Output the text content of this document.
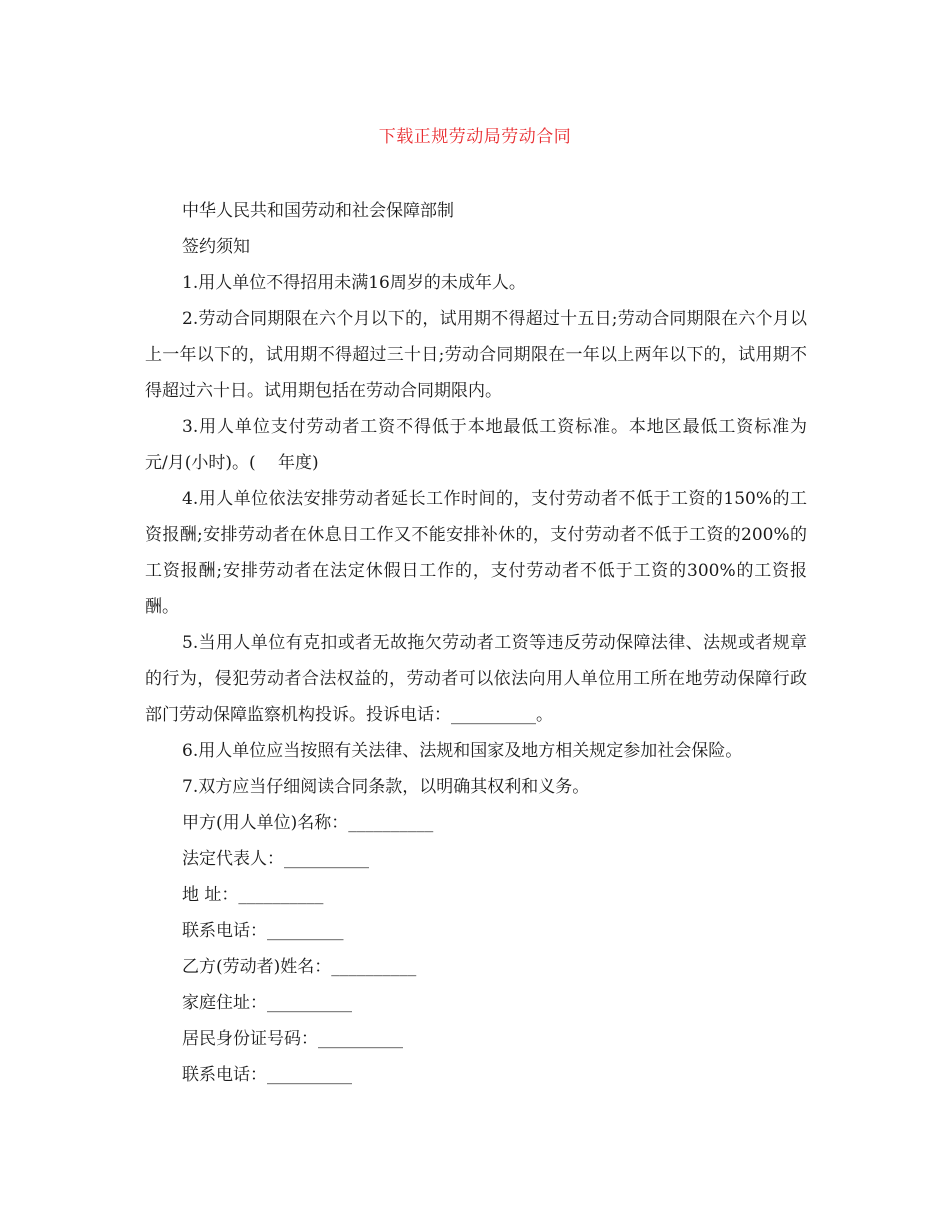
下载正规劳动局劳动合同

中华人民共和国劳动和社会保障部制

签约须知

1.用人单位不得招用未满16周岁的未成年人。

2.劳动合同期限在六个月以下的，试用期不得超过十五日;劳动合同期限在六个月以上一年以下的，试用期不得超过三十日;劳动合同期限在一年以上两年以下的，试用期不得超过六十日。试用期包括在劳动合同期限内。

3.用人单位支付劳动者工资不得低于本地最低工资标准。本地区最低工资标准为　　元/月(小时)。(　 年度)

4.用人单位依法安排劳动者延长工作时间的，支付劳动者不低于工资的150%的工资报酬;安排劳动者在休息日工作又不能安排补休的，支付劳动者不低于工资的200%的工资报酬;安排劳动者在法定休假日工作的，支付劳动者不低于工资的300%的工资报酬。

5.当用人单位有克扣或者无故拖欠劳动者工资等违反劳动保障法律、法规或者规章的行为，侵犯劳动者合法权益的，劳动者可以依法向用人单位用工所在地劳动保障行政部门劳动保障监察机构投诉。投诉电话：__________。

6.用人单位应当按照有关法律、法规和国家及地方相关规定参加社会保险。

7.双方应当仔细阅读合同条款，以明确其权利和义务。

甲方(用人单位)名称：__________

法定代表人：__________

地 址：__________

联系电话：_________

乙方(劳动者)姓名：__________

家庭住址：__________

居民身份证号码：__________

联系电话：__________
